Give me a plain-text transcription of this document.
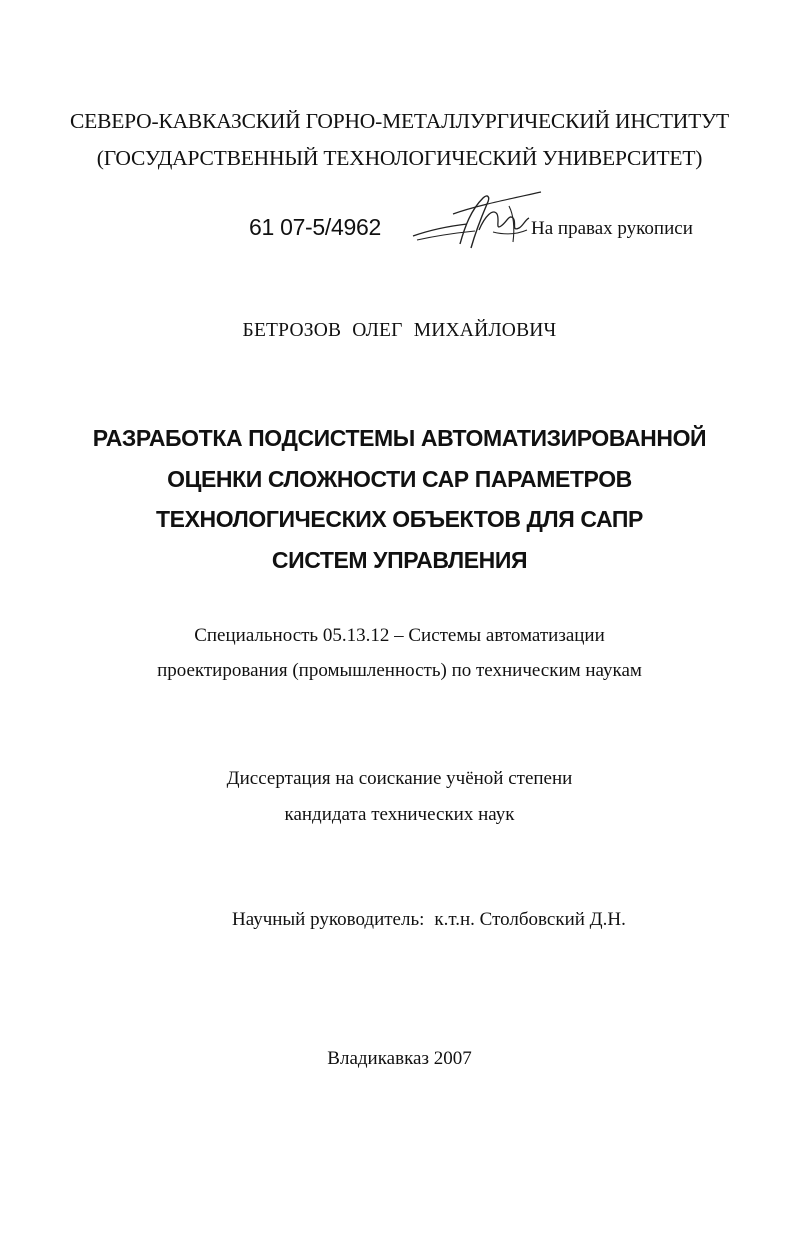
СЕВЕРО-КАВКАЗСКИЙ ГОРНО-МЕТАЛЛУРГИЧЕСКИЙ ИНСТИТУТ
(ГОСУДАРСТВЕННЫЙ ТЕХНОЛОГИЧЕСКИЙ УНИВЕРСИТЕТ)
61 07-5/4962	На правах рукописи
БЕТРОЗОВ ОЛЕГ МИХАЙЛОВИЧ
РАЗРАБОТКА ПОДСИСТЕМЫ АВТОМАТИЗИРОВАННОЙ
ОЦЕНКИ СЛОЖНОСТИ САР ПАРАМЕТРОВ
ТЕХНОЛОГИЧЕСКИХ ОБЪЕКТОВ ДЛЯ САПР
СИСТЕМ УПРАВЛЕНИЯ
Специальность 05.13.12 – Системы автоматизации
проектирования (промышленность) по техническим наукам
Диссертация на соискание учёной степени
кандидата технических наук
Научный руководитель: к.т.н. Столбовский Д.Н.
Владикавказ 2007
